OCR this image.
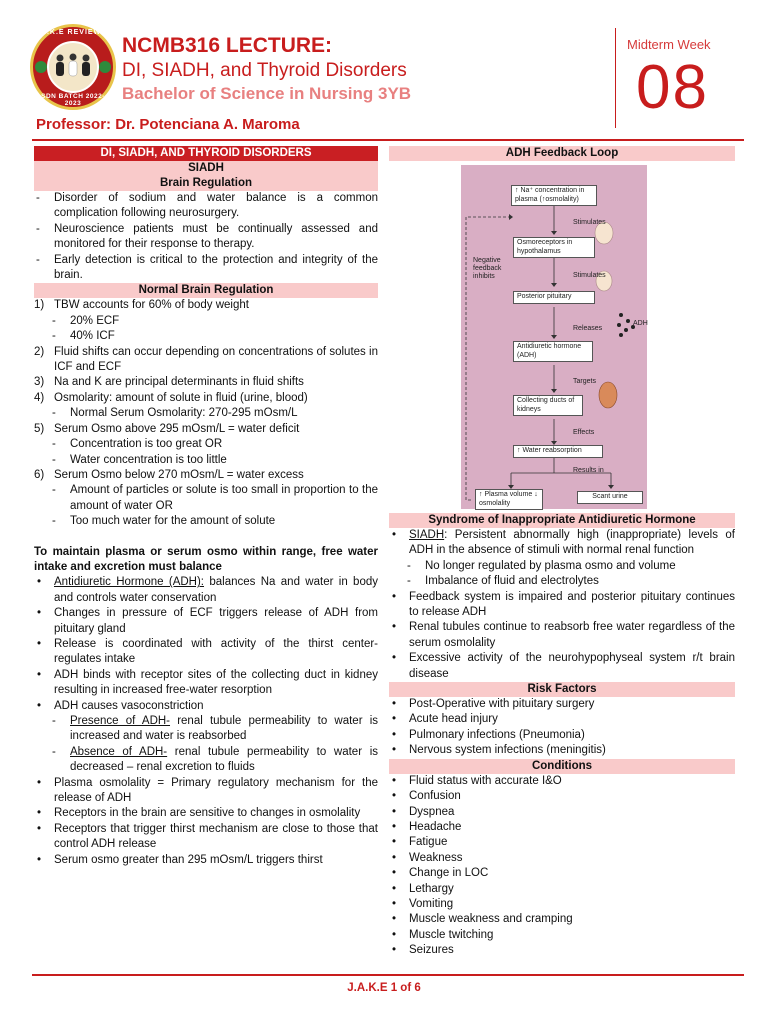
J.A.K.E REVIEWER
SDN BATCH 2022-2023
NCMB316 LECTURE:
DI, SIADH, and Thyroid Disorders
Bachelor of Science in Nursing 3YB
Midterm Week
08
Professor: Dr. Potenciana A. Maroma
DI, SIADH, AND THYROID DISORDERS
SIADH
Brain Regulation
- Disorder of sodium and water balance is a common complication following neurosurgery.
- Neuroscience patients must be continually assessed and monitored for their response to therapy.
- Early detection is critical to the protection and integrity of the brain.
Normal Brain Regulation
1) TBW accounts for 60% of body weight
- 20% ECF
- 40% ICF
2) Fluid shifts can occur depending on concentrations of solutes in ICF and ECF
3) Na and K are principal determinants in fluid shifts
4) Osmolarity: amount of solute in fluid (urine, blood)
- Normal Serum Osmolarity: 270-295 mOsm/L
5) Serum Osmo above 295 mOsm/L = water deficit
- Concentration is too great OR
- Water concentration is too little
6) Serum Osmo below 270 mOsm/L = water excess
- Amount of particles or solute is too small in proportion to the amount of water OR
- Too much water for the amount of solute
To maintain plasma or serum osmo within range, free water intake and excretion must balance
• Antidiuretic Hormone (ADH): balances Na and water in body and controls water conservation
• Changes in pressure of ECF triggers release of ADH from pituitary gland
• Release is coordinated with activity of the thirst center-regulates intake
• ADH binds with receptor sites of the collecting duct in kidney resulting in increased free-water resorption
• ADH causes vasoconstriction
- Presence of ADH- renal tubule permeability to water is increased and water is reabsorbed
- Absence of ADH- renal tubule permeability to water is decreased – renal excretion to fluids
• Plasma osmolality = Primary regulatory mechanism for the release of ADH
• Receptors in the brain are sensitive to changes in osmolality
• Receptors that trigger thirst mechanism are close to those that control ADH release
• Serum osmo greater than 295 mOsm/L triggers thirst
ADH Feedback Loop
↑ Na⁺ concentration in plasma (↑osmolality)
Stimulates
Osmoreceptors in hypothalamus
Negative feedback inhibits	Stimulates
Posterior pituitary
Releases
ADH
Antidiuretic hormone (ADH)
Targets
Collecting ducts of kidneys
Effects
↑ Water reabsorption
Results in
↑ Plasma volume ↓ osmolality
Scant urine
Syndrome of Inappropriate Antidiuretic Hormone
• SIADH: Persistent abnormally high (inappropriate) levels of ADH in the absence of stimuli with normal renal function
- No longer regulated by plasma osmo and volume
- Imbalance of fluid and electrolytes
• Feedback system is impaired and posterior pituitary continues to release ADH
• Renal tubules continue to reabsorb free water regardless of the serum osmolality
• Excessive activity of the neurohypophyseal system r/t brain disease
Risk Factors
• Post-Operative with pituitary surgery
• Acute head injury
• Pulmonary infections (Pneumonia)
• Nervous system infections (meningitis)
Conditions
• Fluid status with accurate I&O
• Confusion
• Dyspnea
• Headache
• Fatigue
• Weakness
• Change in LOC
• Lethargy
• Vomiting
• Muscle weakness and cramping
• Muscle twitching
• Seizures
J.A.K.E 1 of 6
